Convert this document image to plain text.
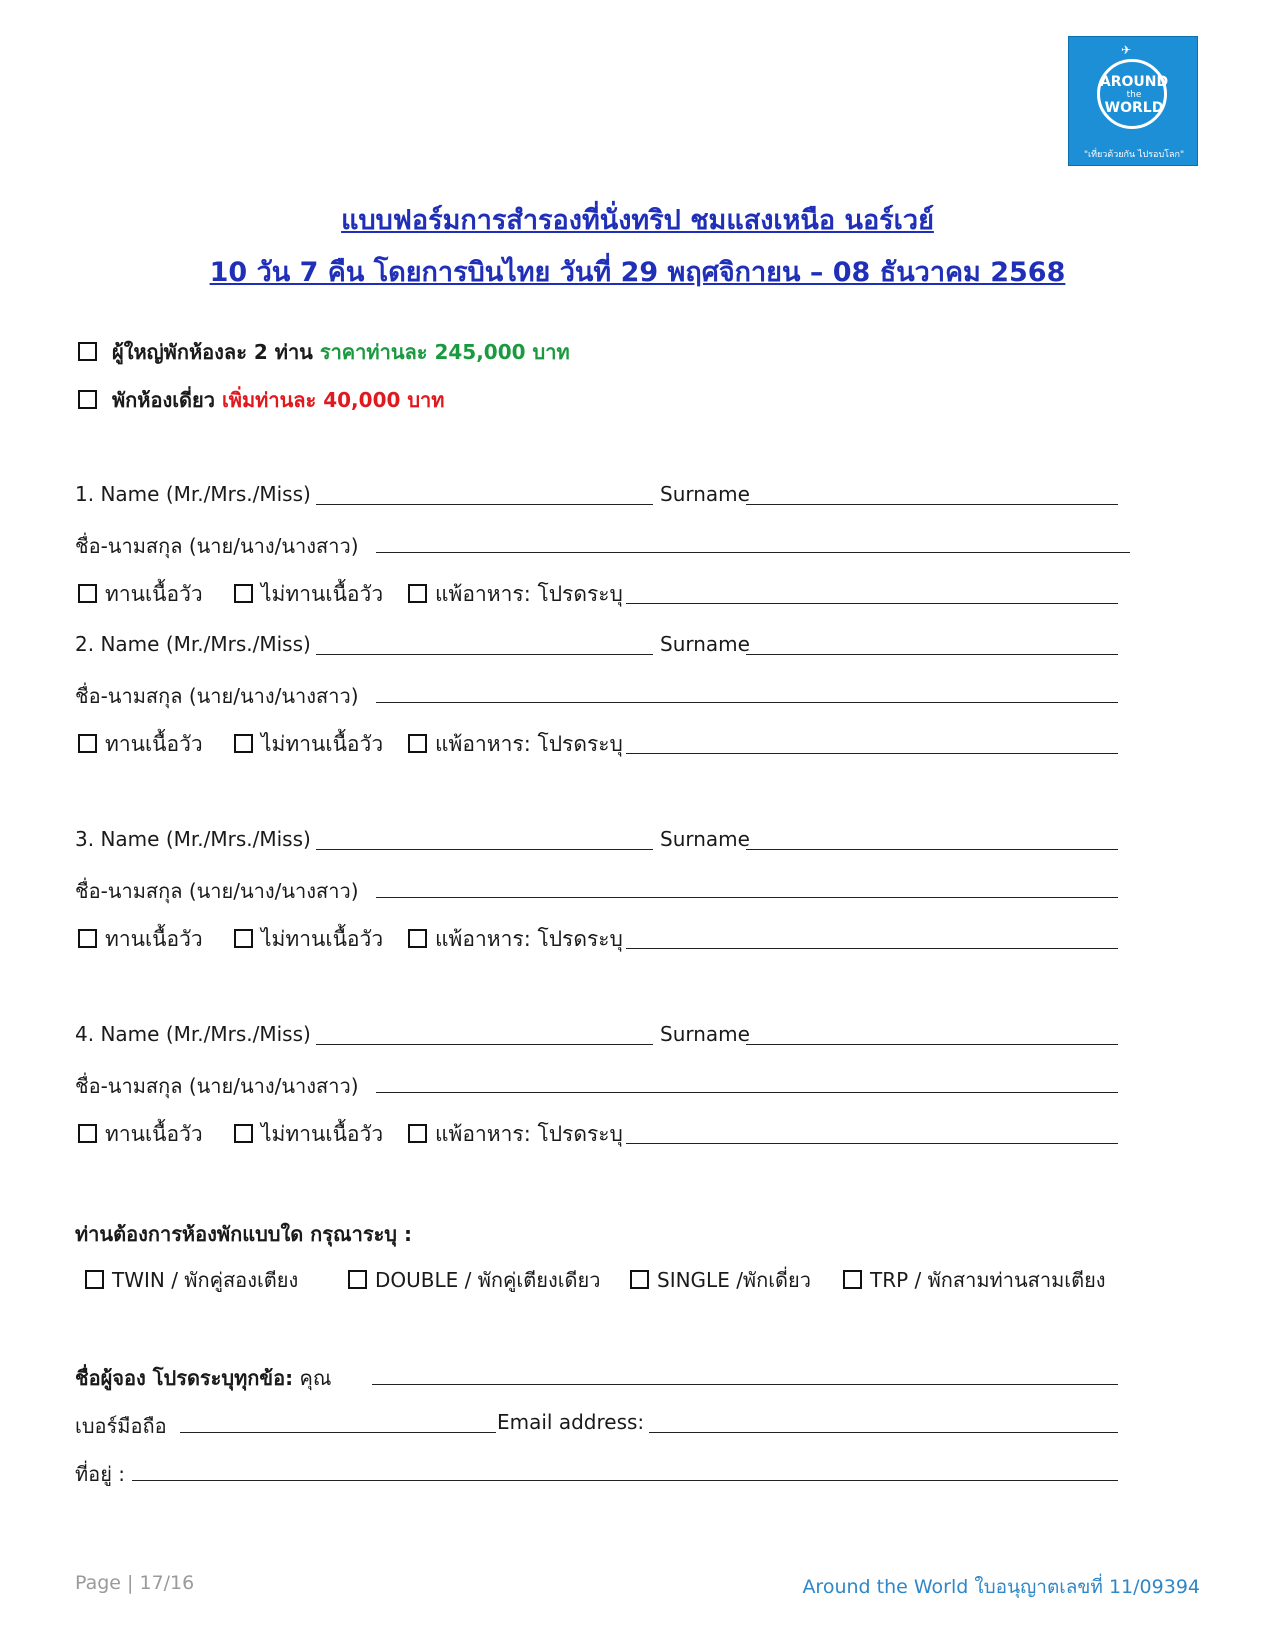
✈
AROUND
the
WORLD
"เที่ยวด้วยกัน ไปรอบโลก"
แบบฟอร์มการสำรองที่นั่งทริป ชมแสงเหนือ นอร์เวย์
10 วัน 7 คืน โดยการบินไทย วันที่ 29 พฤศจิกายน – 08 ธันวาคม 2568
ผู้ใหญ่พักห้องละ 2 ท่าน ราคาท่านละ 245,000 บาท
พักห้องเดี่ยว เพิ่มท่านละ 40,000 บาท
1. Name (Mr./Mrs./Miss)	Surname
ชื่อ-นามสกุล (นาย/นาง/นางสาว)
ทานเนื้อวัว	ไม่ทานเนื้อวัว	แพ้อาหาร: โปรดระบุ
2. Name (Mr./Mrs./Miss)	Surname
ชื่อ-นามสกุล (นาย/นาง/นางสาว)
ทานเนื้อวัว	ไม่ทานเนื้อวัว	แพ้อาหาร: โปรดระบุ
3. Name (Mr./Mrs./Miss)	Surname
ชื่อ-นามสกุล (นาย/นาง/นางสาว)
ทานเนื้อวัว	ไม่ทานเนื้อวัว	แพ้อาหาร: โปรดระบุ
4. Name (Mr./Mrs./Miss)	Surname
ชื่อ-นามสกุล (นาย/นาง/นางสาว)
ทานเนื้อวัว	ไม่ทานเนื้อวัว	แพ้อาหาร: โปรดระบุ
ท่านต้องการห้องพักแบบใด กรุณาระบุ :
TWIN / พักคู่สองเตียง	DOUBLE / พักคู่เตียงเดียว	SINGLE /พักเดี่ยว	TRP / พักสามท่านสามเตียง
ชื่อผู้จอง โปรดระบุทุกข้อ: คุณ
เบอร์มือถือ	Email address:
ที่อยู่ :
Page | 17/16	Around the World ใบอนุญาตเลขที่ 11/09394
